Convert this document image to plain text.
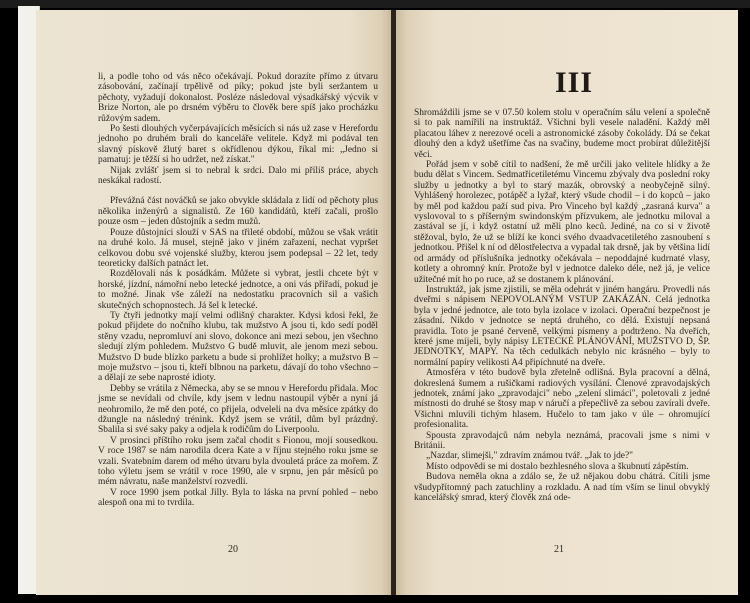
li, a podle toho od vás něco očekávají. Pokud dorazíte přímo z útvaru zásobování, začínají trpělivě od píky; pokud jste byli seržantem u pěchoty, vyžadují dokonalost. Posléze následoval výsadkářský výcvik v Brize Norton, ale po drsném výběru to člověk bere spíš jako procházku růžovým sadem.

Po šesti dlouhých vyčerpávajících měsících si nás už zase v Herefordu jednoho po druhém brali do kanceláře velitele. Když mi podával ten slavný pískově žlutý baret s okřídlenou dýkou, říkal mi: „Jedno si pamatuj: je těžší si ho udržet, než získat."

Nijak zvlášť jsem si to nebral k srdci. Dalo mi příliš práce, abych neskákal radostí.

Převážná část nováčků se jako obvykle skládala z lidí od pěchoty plus několika inženýrů a signalistů. Ze 160 kandidátů, kteří začali, prošlo pouze osm – jeden důstojník a sedm mužů.

Pouze důstojníci slouží v SAS na třileté období, můžou se však vrátit na druhé kolo. Já musel, stejně jako v jiném zařazení, nechat vypršet celkovou dobu své vojenské služby, kterou jsem podepsal – 22 let, tedy teoreticky dalších patnáct let.

Rozdělovali nás k posádkám. Můžete si vybrat, jestli chcete být v horské, jízdní, námořní nebo letecké jednotce, a oni vás přiřadí, pokud je to možné. Jinak vše záleží na nedostatku pracovních sil a vašich skutečných schopnostech. Já šel k letecké.

Ty čtyři jednotky mají velmi odlišný charakter. Kdysi kdosi řekl, že pokud přijdete do nočního klubu, tak mužstvo A jsou ti, kdo sedí poděl stěny vzadu, nepromluví ani slovo, dokonce ani mezi sebou, jen všechno sledují zlým pohledem. Mužstvo G budě mluvit, ale jenom mezi sebou. Mužstvo D bude blízko parketu a bude si prohlížet holky; a mužstvo B – moje mužstvo – jsou ti, kteří blbnou na parketu, dávají do toho všechno – a dělají ze sebe naprosté idioty.

Debby se vrátila z Německa, aby se se mnou v Herefordu přidala. Moc jsme se nevídali od chvíle, kdy jsem v lednu nastoupil výběr a nyní já neohromilo, že mě den poté, co přijela, odveleli na dva měsíce zpátky do džungle na následný trénink. Když jsem se vrátil, dům byl prázdný. Sbalila si své saky paky a odjela k rodičům do Liverpoolu.

V prosinci příštího roku jsem začal chodit s Fionou, mojí sousedkou. V roce 1987 se nám narodila dcera Kate a v říjnu stejného roku jsme se vzali. Svatebním darem od mého útvaru byla dvouletá práce za mořem. Z toho výletu jsem se vrátil v roce 1990, ale v srpnu, jen pár měsíců po mém návratu, naše manželství rozvedli.

V roce 1990 jsem potkal Jilly. Byla to láska na první pohled – nebo alespoň ona mi to tvrdila.

20
III

Shromáždili jsme se v 07.50 kolem stolu v operačním sálu velení a společně si to pak namířili na instruktáž. Všichni byli vesele naladění. Každý měl placatou láhev z nerezové oceli a astronomické zásoby čokolády. Dá se čekat dlouhý den a když ušetříme čas na svačiny, budeme moct probírat důležitější věci.

Pořád jsem v sobě cítil to nadšení, že mě určili jako velitele hlídky a že budu dělat s Vincem. Sedmatřicetiletému Vincemu zbývaly dva poslední roky služby u jednotky a byl to starý mazák, obrovský a neobyčejně silný. Vyhlášený horolezec, potápěč a lyžař, který všude chodil – i do kopců – jako by měl pod každou paží sud piva. Pro Vinceho byl každý „zasraná kurva" a vyslovoval to s příšerným swindonským přízvukem, ale jednotku miloval a zastával se jí, i když ostatní už měli plno keců. Jediné, na co si v životě stěžoval, bylo, že už se blíží ke konci svého dvaadvacetiletého zasnoubení s jednotkou. Přišel k ní od dělostřelectva a vypadal tak drsně, jak by většina lidí od armády od příslušníka jednotky očekávala – nepoddajné kudrnaté vlasy, kotlety a ohromný knír. Protože byl v jednotce daleko déle, než já, je velice užitečné mít ho po ruce, až se dostanem k plánování.

Instruktáž, jak jsme zjistili, se měla odehrát v jiném hangáru. Provedli nás dveřmi s nápisem NEPOVOLANÝM VSTUP ZAKÁZÁN. Celá jednotka byla v jedné jednotce, ale toto byla izolace v izolaci. Operační bezpečnost je zásadní. Nikdo v jednotce se neptá druhého, co dělá. Existují nepsaná pravidla. Toto je psané červeně, velkými písmeny a podtrženo. Na dveřích, které jsme míjeli, byly nápisy LETECKÉ PLÁNOVÁNÍ, MUŽSTVO D, ŠP. JEDNOTKY, MAPY. Na těch cedulkách nebylo nic krásného – byly to normální papíry velikosti A4 připíchnuté na dveře.

Atmosféra v této budově byla zřetelně odlišná. Byla pracovní a dělná, dokreslená šumem a rušičkami radiových vysílání. Členové zpravodajských jednotek, známí jako „zpravodajci" nebo „zelení slimáci", poletovali z jedné místnosti do druhé se štosy map v náručí a přepečlivě za sebou zavírali dveře. Všichni mluvili tichým hlasem. Hučelo to tam jako v úle – ohromující profesionalita.

Spousta zpravodajců nám nebyla neznámá, pracovali jsme s nimi v Británii.

„Nazdar, slimejši," zdravím známou tvář. „Jak to jde?"

Místo odpovědi se mi dostalo bezhlesného slova a škubnutí zápěstím.

Budova neměla okna a zdálo se, že už nějakou dobu chátrá. Cítili jsme všudypřítomný pach zatuchliny a rozkladu. A nad tím vším se linul obvyklý kancelářský smrad, který člověk zná ode-

21
